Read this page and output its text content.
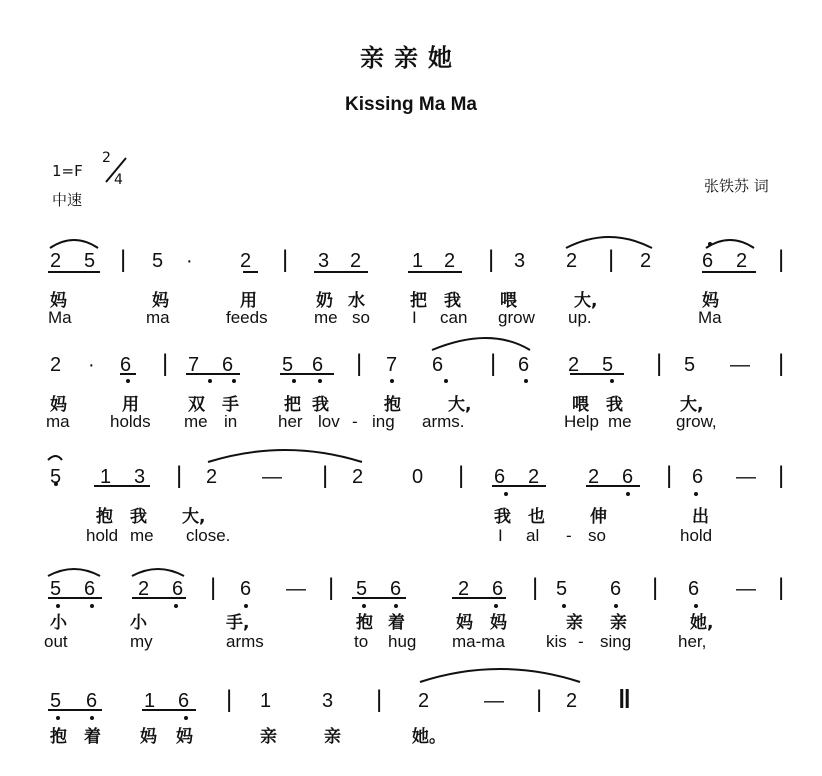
亲亲她
Kissing Ma Ma
1=F
2
4
中速
张铁苏 词
2 5 | 5 · 2 | 3 2	1 2 | 3 2 | 2	6 2 |
妈	妈	用	奶 水	把 我 喂	大,	妈
Ma	ma	feeds	me so I can grow up.	Ma
2 · 6 | 7 6 5 6 | 7 6 | 6 2 5 | 5 — |
妈	用	双 手	把 我	抱	大,	喂 我	大,
ma holds me in her lov - ing arms.	Help me	grow,
5 1 3 | 2 — | 2 0 | 6 2 2 6 | 6 — |
抱 我 大,	我 也	伸	出
hold me close.	I al - so	hold
5 6 2 6 | 6 — | 5 6	2 6 | 5 6 | 6 — |
小	小	手,	抱 着	妈 妈	亲 亲	她,
out	my	arms	to hug ma-ma kis - sing	her,
5 6 1 6 | 1	3 | 2	— | 2 ‖
抱 着 妈 妈	亲	亲	她。
